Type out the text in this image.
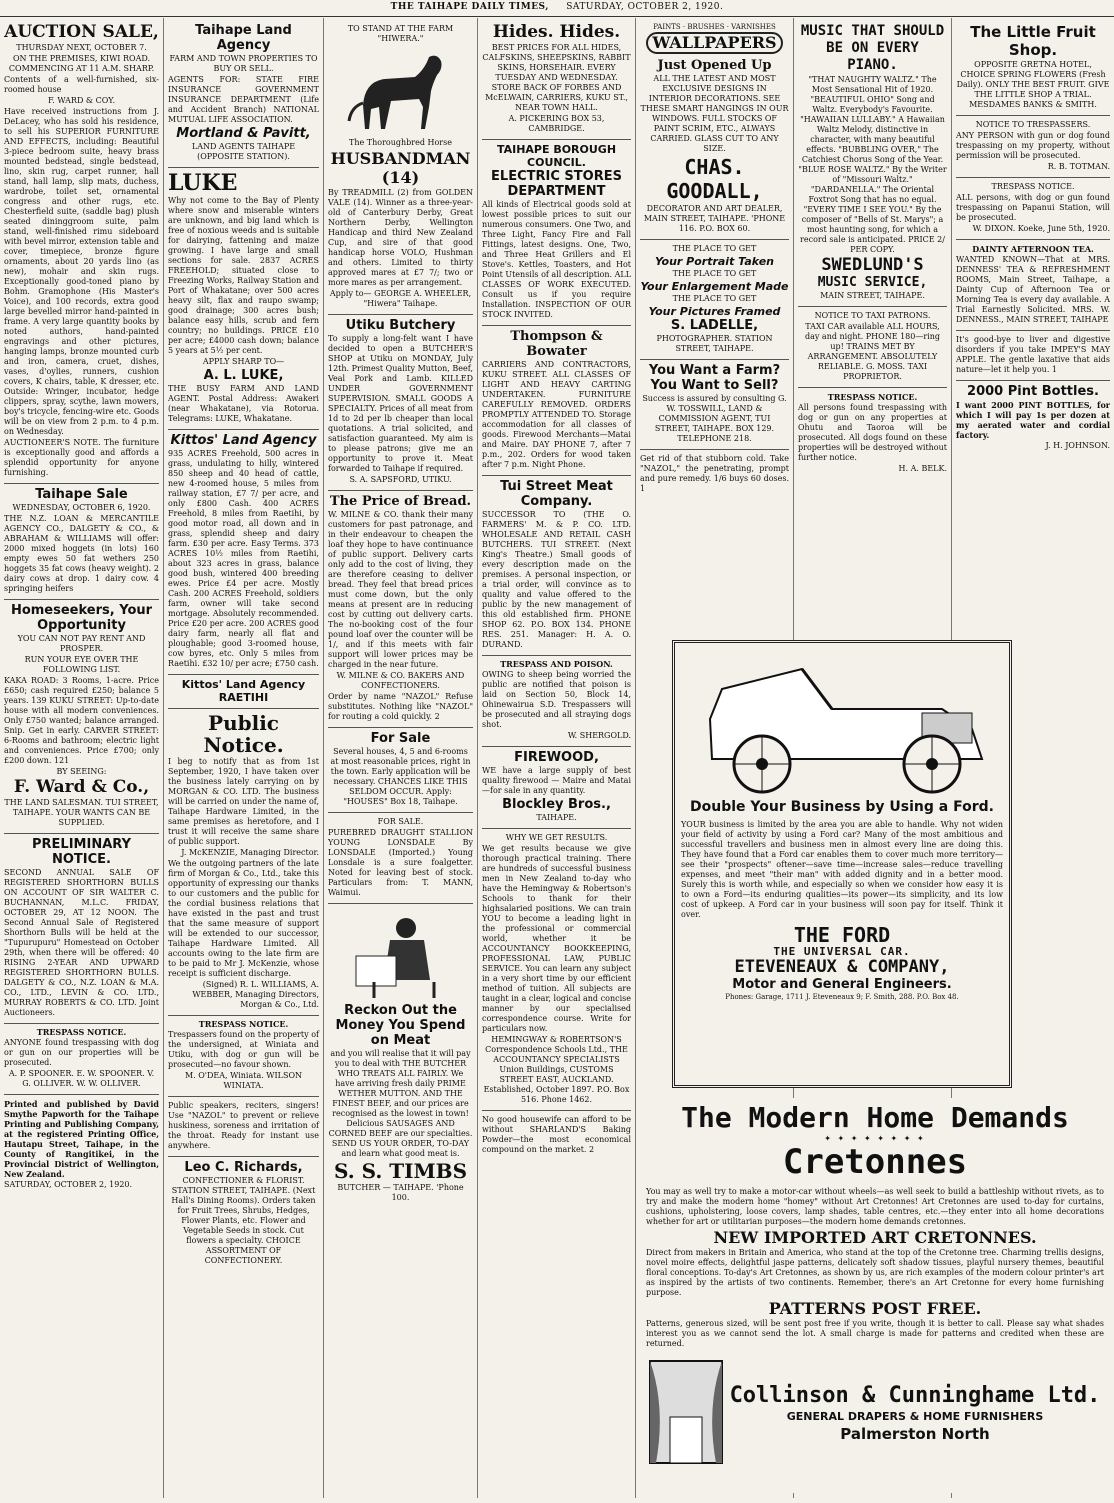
THE TAIHAPE DAILY TIMES, SATURDAY, OCTOBER 2, 1920.
AUCTION SALE,

THURSDAY NEXT, OCTOBER 7.

ON THE PREMISES, KIWI ROAD. COMMENCING AT 11 A.M. SHARP.

Contents of a well-furnished, six-roomed house

F. WARD & COY.

Have received instructions from J. DeLacey, who has sold his residence, to sell his SUPERIOR FURNITURE AND EFFECTS, including: Beautiful 3-piece bedroom suite, heavy brass mounted bedstead, single bedstead, lino, skin rug, carpet runner, hall stand, hall lamp, slip mats, duchess, wardrobe, toilet set, ornamental congress and other rugs, etc. Chesterfield suite, (saddle bag) plush seated dininggroom suite, palm stand, well-finished rimu sideboard with bevel mirror, extension table and cover, timepiece, bronze figure ornaments, about 20 yards lino (as new), mohair and skin rugs. Exceptionally good-toned piano by Bohm. Gramophone (His Master's Voice), and 100 records, extra good large bevelled mirror hand-painted in frame. A very large quantity books by noted authors, hand-painted engravings and other pictures, hanging lamps, bronze mounted curb and iron, camera, cruet, dishes, vases, d'oylies, runners, cushion covers, K chairs, table, K dresser, etc. Outside: Wringer, incubator, hedge clippers, spray, scythe, lawn mowers, boy's tricycle, fencing-wire etc. Goods will be on view from 2 p.m. to 4 p.m. on Wednesday.

AUCTIONEER'S NOTE. The furniture is exceptionally good and affords a splendid opportunity for anyone furnishing.

Taihape Sale

WEDNESDAY, OCTOBER 6, 1920.

THE N.Z. LOAN & MERCANTILE AGENCY CO., DALGETY & CO., & ABRAHAM & WILLIAMS will offer: 2000 mixed hoggets (in lots) 160 empty ewes 50 fat wethers 250 hoggets 35 fat cows (heavy weight). 2 dairy cows at drop. 1 dairy cow. 4 springing heifers

Homeseekers, Your Opportunity

YOU CAN NOT PAY RENT AND PROSPER.

RUN YOUR EYE OVER THE FOLLOWING LIST.

KAKA ROAD: 3 Rooms, 1-acre. Price £650; cash required £250; balance 5 years. 139 KUKU STREET: Up-to-date house with all modern conveniences. Only £750 wanted; balance arranged. Snip. Get in early. CARVER STREET: 6-Rooms and bathroom; electric light and conveniences. Price £700; only £200 down. 121

BY SEEING:

F. Ward & Co.,

THE LAND SALESMAN. TUI STREET, TAIHAPE. YOUR WANTS CAN BE SUPPLIED.

PRELIMINARY NOTICE.

SECOND ANNUAL SALE OF REGISTERED SHORTHORN BULLS ON ACCOUNT OF SIR WALTER C. BUCHANNAN, M.L.C. FRIDAY, OCTOBER 29, AT 12 NOON. The Second Annual Sale of Registered Shorthorn Bulls will be held at the "Tupurupuru" Homestead on October 29th, when there will be offered: 40 RISING 2-YEAR AND UPWARD REGISTERED SHORTHORN BULLS. DALGETY & CO., N.Z. LOAN & M.A. CO., LTD., LEVIN & CO. LTD., MURRAY ROBERTS & CO. LTD. Joint Auctioneers.

TRESPASS NOTICE.

ANYONE found trespassing with dog or gun on our properties will be prosecuted.

A. P. SPOONER. E. W. SPOONER. V. G. OLLIVER. W. W. OLLIVER.

Printed and published by David Smythe Papworth for the Taihape Printing and Publishing Company, at the registered Printing Office, Hautapu Street, Taihape, in the County of Rangitikei, in the Provincial District of Wellington, New Zealand.

SATURDAY, OCTOBER 2, 1920.

Taihape Land Agency

FARM AND TOWN PROPERTIES TO BUY OR SELL.

AGENTS FOR: STATE FIRE INSURANCE GOVERNMENT INSURANCE DEPARTMENT (Life and Accident Branch) NATIONAL MUTUAL LIFE ASSOCIATION.

Mortland & Pavitt,

LAND AGENTS TAIHAPE (OPPOSITE STATION).

LUKE

Why not come to the Bay of Plenty where snow and miserable winters are unknown, and big land which is free of noxious weeds and is suitable for dairying, fattening and maize growing. I have large and small sections for sale. 2837 ACRES FREEHOLD; situated close to Freezing Works, Railway Station and Port of Whakatane; over 500 acres heavy silt, flax and raupo swamp; good drainage; 300 acres bush; balance easy hills, scrub and fern country; no buildings. PRICE £10 per acre; £4000 cash down; balance 5 years at 5½ per cent.

APPLY SHARP TO—

A. L. LUKE,

THE BUSY FARM AND LAND AGENT. Postal Address: Awakeri (near Whakatane), via Rotorua. Telegrams: LUKE, Whakatane.

Kittos' Land Agency

935 ACRES Freehold, 500 acres in grass, undulating to hilly, wintered 850 sheep and 40 head of cattle, new 4-roomed house, 5 miles from railway station, £7 7/ per acre, and only £800 Cash. 400 ACRES Freehold, 8 miles from Raetihi, by good motor road, all down and in grass, splendid sheep and dairy farm. £30 per acre. Easy Terms. 373 ACRES 10½ miles from Raetihi, about 323 acres in grass, balance good bush, wintered 400 breeding ewes. Price £4 per acre. Mostly Cash. 200 ACRES Freehold, soldiers farm, owner will take second mortgage. Absolutely recommended. Price £20 per acre. 200 ACRES good dairy farm, nearly all flat and ploughable; good 3-roomed house, cow byres, etc. Only 5 miles from Raetihi. £32 10/ per acre; £750 cash.

Kittos' Land Agency RAETIHI
Public Notice.

I beg to notify that as from 1st September, 1920, I have taken over the business lately carrying on by MORGAN & CO. LTD. The business will be carried on under the name of, Taihape Hardware Limited, in the same premises as heretofore, and I trust it will receive the same share of public support.

J. McKENZIE, Managing Director.

We the outgoing partners of the late firm of Morgan & Co., Ltd., take this opportunity of expressing our thanks to our customers and the public for the cordial business relations that have existed in the past and trust that the same measure of support will be extended to our successor, Taihape Hardware Limited. All accounts owing to the late firm are to be paid to Mr J. McKenzie, whose receipt is sufficient discharge.

(Signed) R. L. WILLIAMS, A. WEBBER, Managing Directors, Morgan & Co., Ltd.

TRESPASS NOTICE.

Trespassers found on the property of the undersigned, at Winiata and Utiku, with dog or gun will be prosecuted—no favour shown.

M. O'DEA, Winiata. WILSON WINIATA.

Public speakers, reciters, singers! Use "NAZOL" to prevent or relieve huskiness, soreness and irritation of the throat. Ready for instant use anywhere.

Leo C. Richards,

CONFECTIONER & FLORIST. STATION STREET, TAIHAPE. (Next Hall's Dining Rooms). Orders taken for Fruit Trees, Shrubs, Hedges, Flower Plants, etc. Flower and Vegetable Seeds in stock. Cut flowers a specialty. CHOICE ASSORTMENT OF CONFECTIONERY.

TO STAND AT THE FARM "HIWERA."

The Thoroughbred Horse

HUSBANDMAN (14)

By TREADMILL (2) from GOLDEN VALE (14). Winner as a three-year-old of Canterbury Derby, Great Northern Derby, Wellington Handicap and third New Zealand Cup, and sire of that good handicap horse VOLO, Hushman and others. Limited to thirty approved mares at £7 7/; two or more mares as per arrangement.

Apply to— GEORGE A. WHEELER, "Hiwera" Taihape.

Utiku Butchery

To supply a long-felt want I have decided to open a BUTCHER'S SHOP at Utiku on MONDAY, July 12th. Primest Quality Mutton, Beef, Veal Pork and Lamb. KILLED UNDER GOVERNMENT SUPERVISION. SMALL GOODS A SPECIALTY. Prices of all meat from 1d to 2d per lb cheaper than local quotations. A trial solicited, and satisfaction guaranteed. My aim is to please patrons; give me an opportunity to prove it. Meat forwarded to Taihape if required.

S. A. SAPSFORD, UTIKU.

The Price of Bread.

W. MILNE & CO. thank their many customers for past patronage, and in their endeavour to cheapen the loaf they hope to have continuance of public support. Delivery carts only add to the cost of living, they are therefore ceasing to deliver bread. They feel that bread prices must come down, but the only means at present are in reducing cost by cutting out delivery carts. The no-booking cost of the four pound loaf over the counter will be 1/, and if this meets with fair support will lower prices may be charged in the near future.

W. MILNE & CO. BAKERS AND CONFECTIONERS.

Order by name "NAZOL" Refuse substitutes. Nothing like "NAZOL" for routing a cold quickly. 2

For Sale

Several houses, 4, 5 and 6-rooms at most reasonable prices, right in the town. Early application will be necessary. CHANCES LIKE THIS SELDOM OCCUR. Apply: "HOUSES" Box 18, Taihape.

FOR SALE.

PUREBRED DRAUGHT STALLION YOUNG LONSDALE By LONSDALE (Imported.) Young Lonsdale is a sure foalgetter. Noted for leaving best of stock. Particulars from: T. MANN, Waimui.

Reckon Out the Money You Spend on Meat

and you will realise that it will pay you to deal with THE BUTCHER WHO TREATS ALL FAIRLY. We have arriving fresh daily PRIME WETHER MUTTON. AND THE FINEST BEEF, and our prices are recognised as the lowest in town! Delicious SAUSAGES AND CORNED BEEF are our specialties. SEND US YOUR ORDER, TO-DAY and learn what good meat is.

S. S. TIMBS

BUTCHER — TAIHAPE. 'Phone 100.

Hides. Hides.

BEST PRICES FOR ALL HIDES, CALFSKINS, SHEEPSKINS, RABBIT SKINS, HORSEHAIR. EVERY TUESDAY AND WEDNESDAY. STORE BACK OF FORBES AND McELWAIN, CARRIERS, KUKU ST., NEAR TOWN HALL.

A. PICKERING BOX 53, CAMBRIDGE.

TAIHAPE BOROUGH COUNCIL.
ELECTRIC STORES DEPARTMENT

All kinds of Electrical goods sold at lowest possible prices to suit our numerous consumers. One Two, and Three Light, Fancy Fire and Fall Fittings, latest designs. One, Two, and Three Heat Grillers and El Stove's. Kettles, Toasters, and Hot Point Utensils of all description. ALL CLASSES OF WORK EXECUTED. Consult us if you require Installation. INSPECTION OF OUR STOCK INVITED.

Thompson & Bowater

CARRIERS AND CONTRACTORS, KUKU STREET. ALL CLASSES OF LIGHT AND HEAVY CARTING UNDERTAKEN. FURNITURE CAREFULLY REMOVED. ORDERS PROMPTLY ATTENDED TO. Storage accommodation for all classes of goods. Firewood Merchants—Matai and Maire. DAY PHONE 7, after 7 p.m., 202. Orders for wood taken after 7 p.m. Night Phone.

Tui Street Meat Company.

SUCCESSOR TO (THE O. FARMERS' M. & P. CO. LTD. WHOLESALE AND RETAIL CASH BUTCHERS. TUI STREET. (Next King's Theatre.) Small goods of every description made on the premises. A personal inspection, or a trial order, will convince as to quality and value offered to the public by the new management of this old established firm. PHONE SHOP 62. P.O. BOX 134. PHONE RES. 251. Manager: H. A. O. DURAND.

TRESPASS AND POISON.

OWING to sheep being worried the public are notified that poison is laid on Section 50, Block 14, Ohinewairua S.D. Trespassers will be prosecuted and all straying dogs shot.

W. SHERGOLD.

FIREWOOD,

WE have a large supply of best quality firewood — Maire and Matai—for sale in any quantity.

Blockley Bros.,

TAIHAPE.

WHY WE GET RESULTS.

We get results because we give thorough practical training. There are hundreds of successful business men in New Zealand to-day who have the Hemingway & Robertson's Schools to thank for their highsalaried positions. We can train YOU to become a leading light in the professional or commercial world, whether it be ACCOUNTANCY BOOKKEEPING, PROFESSIONAL LAW, PUBLIC SERVICE. You can learn any subject in a very short time by our efficient method of tuition. All subjects are taught in a clear, logical and concise manner by our specialised correspondence course. Write for particulars now.

HEMINGWAY & ROBERTSON'S Correspondence Schools Ltd., THE ACCOUNTANCY SPECIALISTS Union Buildings, CUSTOMS STREET EAST, AUCKLAND. Established, October 1897. P.O. Box 516. Phone 1462.

No good housewife can afford to be without SHARLAND'S Baking Powder—the most economical compound on the market. 2

PAINTS · BRUSHES · VARNISHES
WALLPAPERS
Just Opened Up

ALL THE LATEST AND MOST EXCLUSIVE DESIGNS IN INTERIOR DECORATIONS. SEE THESE SMART HANGINGS IN OUR WINDOWS. FULL STOCKS OF PAINT SCRIM, ETC., ALWAYS CARRIED. GLASS CUT TO ANY SIZE.

CHAS. GOODALL,

DECORATOR AND ART DEALER, MAIN STREET, TAIHAPE. 'PHONE 116. P.O. BOX 60.

THE PLACE TO GET

Your Portrait Taken

THE PLACE TO GET

Your Enlargement Made

THE PLACE TO GET

Your Pictures Framed
S. LADELLE,

PHOTOGRAPHER. STATION STREET, TAIHAPE.

You Want a Farm?
You Want to Sell?

Success is assured by consulting G. W. TOSSWILL, LAND & COMMISSION AGENT, TUI STREET, TAIHAPE. BOX 129. TELEPHONE 218.

Get rid of that stubborn cold. Take "NAZOL," the penetrating, prompt and pure remedy. 1/6 buys 60 doses. 1

MUSIC THAT SHOULD BE ON EVERY PIANO.

"THAT NAUGHTY WALTZ." The Most Sensational Hit of 1920. "BEAUTIFUL OHIO" Song and Waltz. Everybody's Favourite. "HAWAIIAN LULLABY." A Hawaiian Waltz Melody, distinctive in character, with many beautiful effects. "BUBBLING OVER," The Catchiest Chorus Song of the Year. "BLUE ROSE WALTZ." By the Writer of "Missouri Waltz." "DARDANELLA." The Oriental Foxtrot Song that has no equal. "EVERY TIME I SEE YOU." By the composer of "Bells of St. Marys"; a most haunting song, for which a record sale is anticipated. PRICE 2/ PER COPY.

SWEDLUND'S
MUSIC SERVICE,

MAIN STREET, TAIHAPE.

NOTICE TO TAXI PATRONS.

TAXI CAR available ALL HOURS, day and night. PHONE 180—ring up! TRAINS MET BY ARRANGEMENT. ABSOLUTELY RELIABLE. G. MOSS. TAXI PROPRIETOR.

TRESPASS NOTICE.

All persons found trespassing with dog or gun on any properties at Ohutu and Taoroa will be prosecuted. All dogs found on these properties will be destroyed without further notice.

H. A. BELK.

The Little Fruit Shop.

OPPOSITE GRETNA HOTEL, CHOICE SPRING FLOWERS (Fresh Daily). ONLY THE BEST FRUIT. GIVE THE LITTLE SHOP A TRIAL. MESDAMES BANKS & SMITH.

NOTICE TO TRESPASSERS.

ANY PERSON with gun or dog found trespassing on my property, without permission will be prosecuted.

R. B. TOTMAN.

TRESPASS NOTICE.

ALL persons, with dog or gun found trespassing on Papanui Station, will be prosecuted.

W. DIXON. Koeke, June 5th, 1920.

DAINTY AFTERNOON TEA.

WANTED KNOWN—That at MRS. DENNESS' TEA & REFRESHMENT ROOMS, Main Street, Taihape, a Dainty Cup of Afternoon Tea or Morning Tea is every day available. A Trial Earnestly Solicited. MRS. W. DENNESS., MAIN STREET, TAIHAPE

It's good-bye to liver and digestive disorders if you take IMPEY'S MAY APPLE. The gentle laxative that aids nature—let it help you. 1

2000 Pint Bottles.

I want 2000 PINT BOTTLES, for which I will pay 1s per dozen at my aerated water and cordial factory.

J. H. JOHNSON.

Double Your Business by Using a Ford.

YOUR business is limited by the area you are able to handle. Why not widen your field of activity by using a Ford car? Many of the most ambitious and successful travellers and business men in almost every line are doing this. They have found that a Ford car enables them to cover much more territory—see their "prospects" oftener—save time—increase sales—reduce travelling expenses, and meet "their man" with added dignity and in a better mood. Surely this is worth while, and especially so when we consider how easy it is to own a Ford—its enduring qualities—its power—its simplicity, and its low cost of upkeep. A Ford car in your business will soon pay for itself. Think it over.

THE FORD
THE UNIVERSAL CAR.
ETEVENEAUX & COMPANY,
Motor and General Engineers.

Phones: Garage, 1711 J. Eteveneaux 9; F. Smith, 288. P.O. Box 48.

The Modern Home Demands
✦ ✦ ✦ ✦ ✦ ✦ ✦ ✦
Cretonnes

You may as well try to make a motor-car without wheels—as well seek to build a battleship without rivets, as to try and make the modern home "homey" without Art Cretonnes! Art Cretonnes are used to-day for curtains, cushions, upholstering, loose covers, lamp shades, table centres, etc.—they enter into all home decorations whether for art or utilitarian purposes—the modern home demands cretonnes.

NEW IMPORTED ART CRETONNES.

Direct from makers in Britain and America, who stand at the top of the Cretonne tree. Charming trellis designs, novel moire effects, delightful jaspe patterns, delicately soft shadow tissues, playful nursery themes, beautiful floral conceptions. To-day's Art Cretonnes, as shown by us, are rich examples of the modern colour printer's art as inspired by the artists of two continents. Remember, there's an Art Cretonne for every home furnishing purpose.

PATTERNS POST FREE.

Patterns, generous sized, will be sent post free if you write, though it is better to call. Please say what shades interest you as we cannot send the lot. A small charge is made for patterns and credited when these are returned.

Collinson & Cunninghame Ltd.
GENERAL DRAPERS & HOME FURNISHERS
Palmerston North
